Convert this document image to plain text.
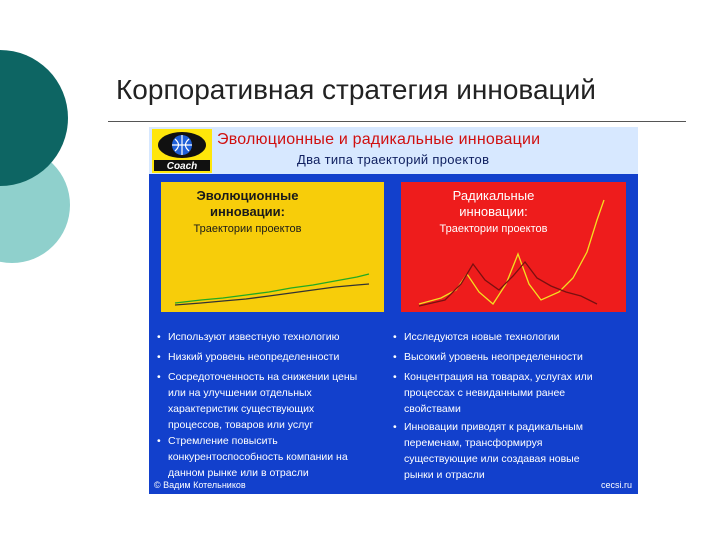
Корпоративная стратегия инноваций
Coach
Эволюционные и радикальные инновации
Два типа траекторий проектов
Эволюционные
инновации:
Траектории проектов
Радикальные
инновации:
Траектории проектов
• Используют известную технологию
• Низкий уровень неопределенности
• Сосредоточенность на снижении цены
или на улучшении отдельных
характеристик существующих
процессов, товаров или услуг
• Стремление повысить
конкурентоспособность компании на
данном рынке или в отрасли
• Исследуются новые технологии
• Высокий уровень неопределенности
• Концентрация на товарах, услугах или
процессах с невиданными ранее
свойствами
• Инновации приводят к радикальным
переменам, трансформируя
существующие или создавая новые
рынки и отрасли
© Вадим Котельников	cecsi.ru
